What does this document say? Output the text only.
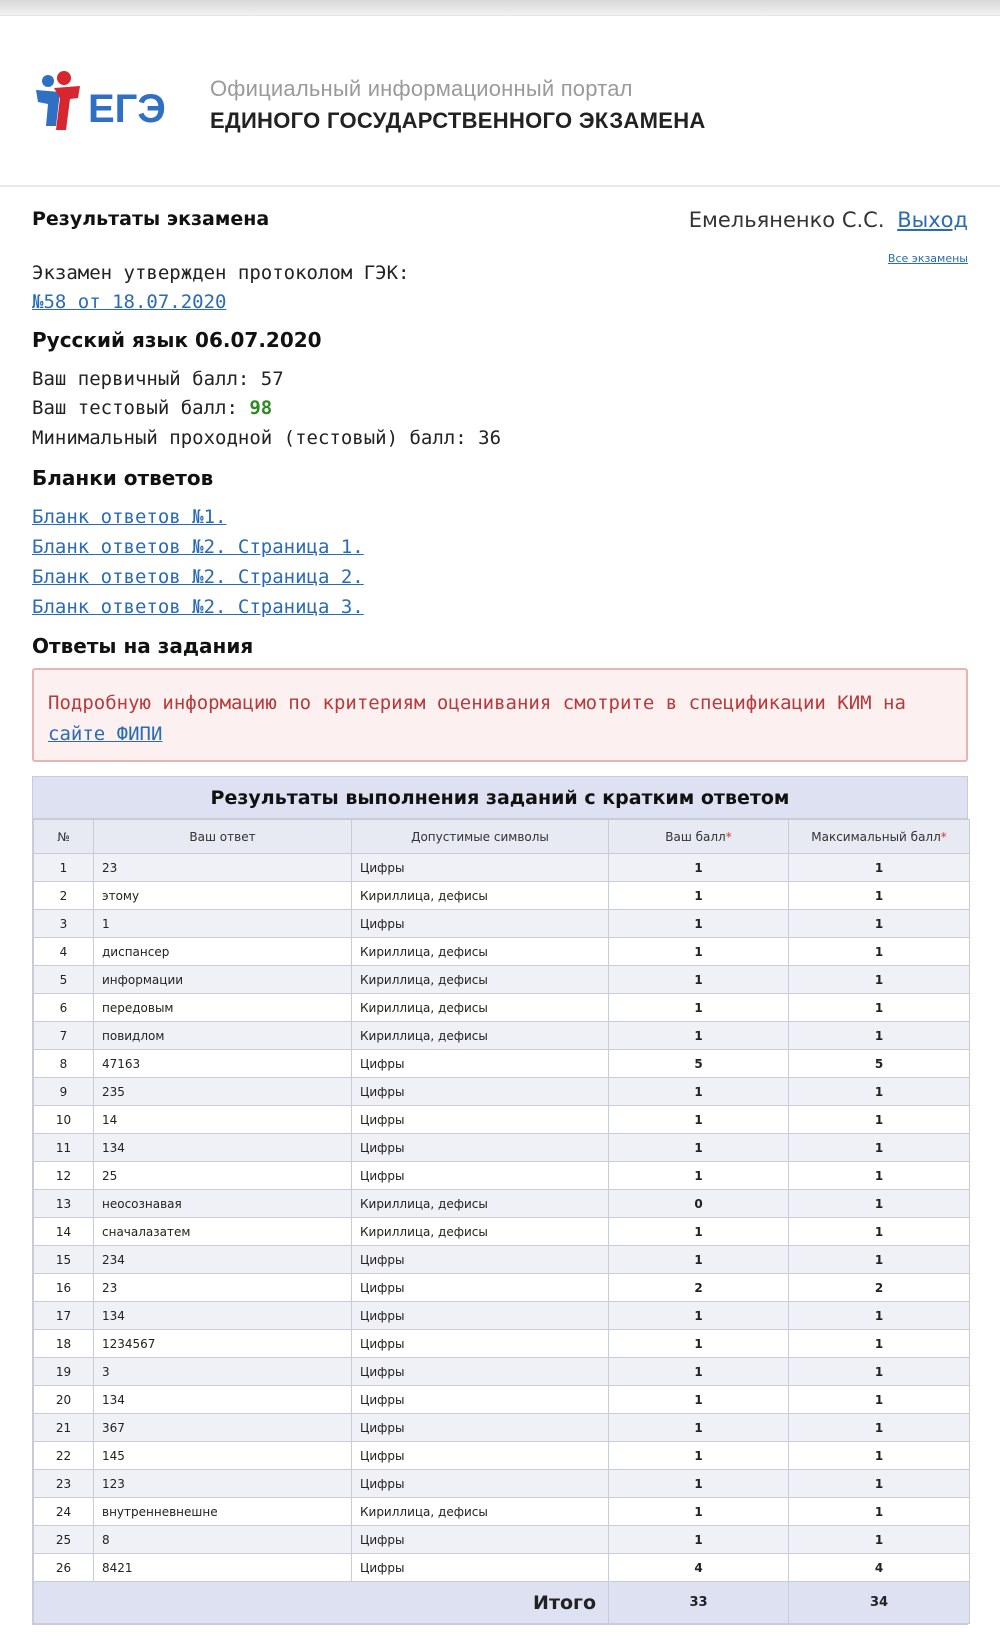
ЕГЭ Официальный информационный портал
ЕДИНОГО ГОСУДАРСТВЕННОГО ЭКЗАМЕНА
Результаты экзамена	Емельяненко С.С. Выход
Все экзамены
Экзамен утвержден протоколом ГЭК:
№58 от 18.07.2020
Русский язык 06.07.2020
Ваш первичный балл: 57
Ваш тестовый балл: 98
Минимальный проходной (тестовый) балл: 36
Бланки ответов
Бланк ответов №1.
Бланк ответов №2. Страница 1.
Бланк ответов №2. Страница 2.
Бланк ответов №2. Страница 3.
Ответы на задания
Подробную информацию по критериям оценивания смотрите в спецификации КИМ на сайте ФИПИ
Результаты выполнения заданий с кратким ответом
№	Ваш ответ	Допустимые символы	Ваш балл*	Максимальный балл*
1	23	Цифры	1	1
2	этому	Кириллица, дефисы	1	1
3	1	Цифры	1	1
4	диспансер	Кириллица, дефисы	1	1
5	информации	Кириллица, дефисы	1	1
6	передовым	Кириллица, дефисы	1	1
7	повидлом	Кириллица, дефисы	1	1
8	47163	Цифры	5	5
9	235	Цифры	1	1
10	14	Цифры	1	1
11	134	Цифры	1	1
12	25	Цифры	1	1
13	неосознавая	Кириллица, дефисы	0	1
14	сначалазатем	Кириллица, дефисы	1	1
15	234	Цифры	1	1
16	23	Цифры	2	2
17	134	Цифры	1	1
18	1234567	Цифры	1	1
19	3	Цифры	1	1
20	134	Цифры	1	1
21	367	Цифры	1	1
22	145	Цифры	1	1
23	123	Цифры	1	1
24	внутренневнешне	Кириллица, дефисы	1	1
25	8	Цифры	1	1
26	8421	Цифры	4	4
Итого			33	34
